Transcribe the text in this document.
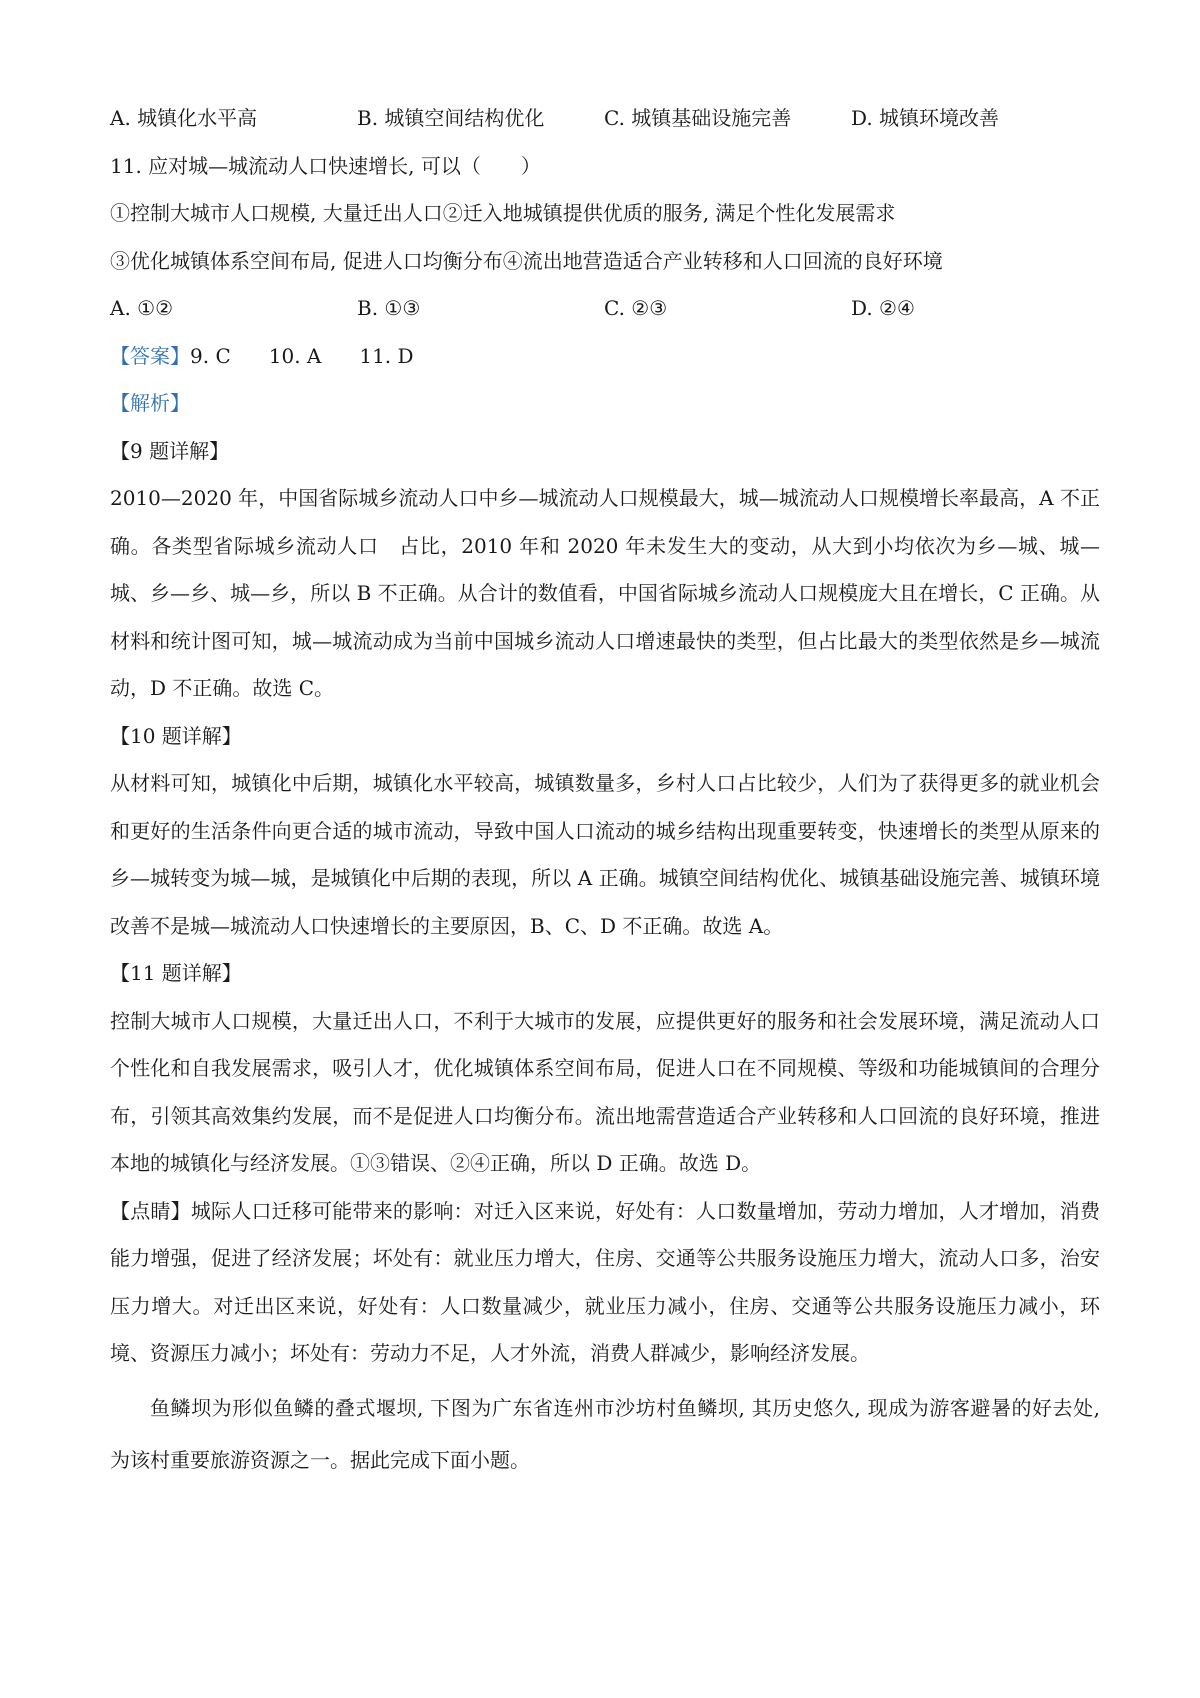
A. 城镇化水平高	B. 城镇空间结构优化	C. 城镇基础设施完善	D. 城镇环境改善
11. 应对城—城流动人口快速增长, 可以（　　）
①控制大城市人口规模, 大量迁出人口②迁入地城镇提供优质的服务, 满足个性化发展需求
③优化城镇体系空间布局, 促进人口均衡分布④流出地营造适合产业转移和人口回流的良好环境
A. ①②	B. ①③	C. ②③	D. ②④
【答案】9. C 10. A 11. D
【解析】
【9 题详解】
2010—2020 年，中国省际城乡流动人口中乡—城流动人口规模最大，城—城流动人口规模增长率最高，A 不正确。各类型省际城乡流动人口　占比，2010 年和 2020 年未发生大的变动，从大到小均依次为乡—城、城—城、乡—乡、城—乡，所以 B 不正确。从合计的数值看，中国省际城乡流动人口规模庞大且在增长，C 正确。从材料和统计图可知，城—城流动成为当前中国城乡流动人口增速最快的类型，但占比最大的类型依然是乡—城流动，D 不正确。故选 C。
【10 题详解】
从材料可知，城镇化中后期，城镇化水平较高，城镇数量多，乡村人口占比较少，人们为了获得更多的就业机会和更好的生活条件向更合适的城市流动，导致中国人口流动的城乡结构出现重要转变，快速增长的类型从原来的乡—城转变为城—城，是城镇化中后期的表现，所以 A 正确。城镇空间结构优化、城镇基础设施完善、城镇环境改善不是城—城流动人口快速增长的主要原因，B、C、D 不正确。故选 A。
【11 题详解】
控制大城市人口规模，大量迁出人口，不利于大城市的发展，应提供更好的服务和社会发展环境，满足流动人口个性化和自我发展需求，吸引人才，优化城镇体系空间布局，促进人口在不同规模、等级和功能城镇间的合理分布，引领其高效集约发展，而不是促进人口均衡分布。流出地需营造适合产业转移和人口回流的良好环境，推进本地的城镇化与经济发展。①③错误、②④正确，所以 D 正确。故选 D。
【点睛】城际人口迁移可能带来的影响：对迁入区来说，好处有：人口数量增加，劳动力增加，人才增加，消费能力增强，促进了经济发展；坏处有：就业压力增大，住房、交通等公共服务设施压力增大，流动人口多，治安压力增大。对迁出区来说，好处有：人口数量减少，就业压力减小，住房、交通等公共服务设施压力减小，环境、资源压力减小；坏处有：劳动力不足，人才外流，消费人群减少，影响经济发展。
鱼鳞坝为形似鱼鳞的叠式堰坝, 下图为广东省连州市沙坊村鱼鳞坝, 其历史悠久, 现成为游客避暑的好去处, 为该村重要旅游资源之一。据此完成下面小题。
